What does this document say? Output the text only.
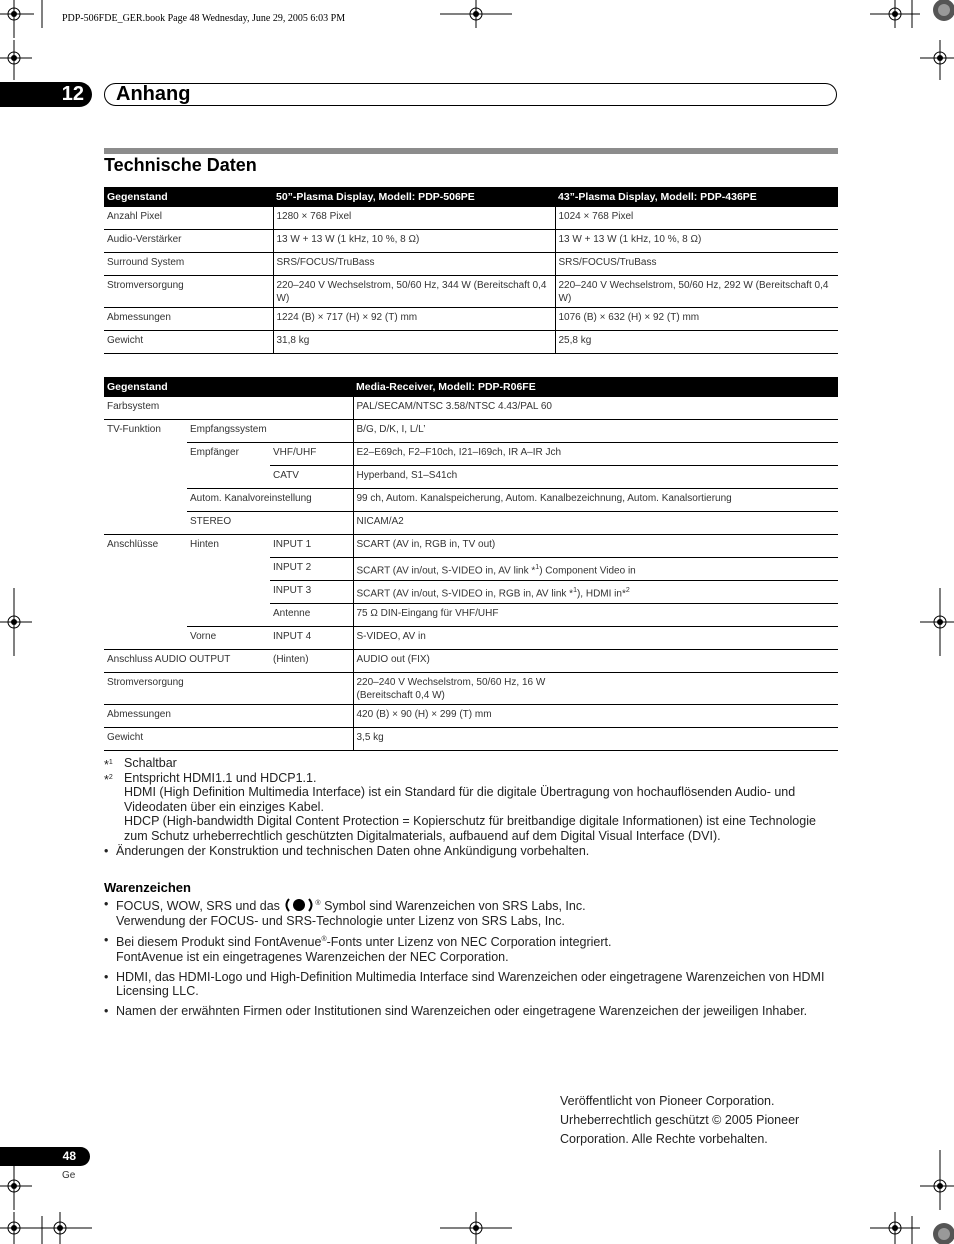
PDP-506FDE_GER.book Page 48 Wednesday, June 29, 2005 6:03 PM
12	Anhang
Technische Daten
Gegenstand	50”-Plasma Display, Modell: PDP-506PE	43”-Plasma Display, Modell: PDP-436PE
Anzahl Pixel	1280 × 768 Pixel	1024 × 768 Pixel
Audio-Verstärker	13 W + 13 W (1 kHz, 10 %, 8 Ω)	13 W + 13 W (1 kHz, 10 %, 8 Ω)
Surround System	SRS/FOCUS/TruBass	SRS/FOCUS/TruBass
Stromversorgung	220–240 V Wechselstrom, 50/60 Hz, 344 W (Bereitschaft 0,4 W)	220–240 V Wechselstrom, 50/60 Hz, 292 W (Bereitschaft 0,4 W)
Abmessungen	1224 (B) × 717 (H) × 92 (T) mm	1076 (B) × 632 (H) × 92 (T) mm
Gewicht	31,8 kg	25,8 kg
Gegenstand			Media-Receiver, Modell: PDP-R06FE
Farbsystem			PAL/SECAM/NTSC 3.58/NTSC 4.43/PAL 60
TV-Funktion	Empfangssystem		B/G, D/K, I, L/L’
	Empfänger	VHF/UHF	E2–E69ch, F2–F10ch, I21–I69ch, IR A–IR Jch
		CATV	Hyperband, S1–S41ch
	Autom. Kanalvoreinstellung		99 ch, Autom. Kanalspeicherung, Autom. Kanalbezeichnung, Autom. Kanalsortierung
	STEREO		NICAM/A2
Anschlüsse	Hinten	INPUT 1	SCART (AV in, RGB in, TV out)
		INPUT 2	SCART (AV in/out, S-VIDEO in, AV link *$^1$) Component Video in
		INPUT 3	SCART (AV in/out, S-VIDEO in, RGB in, AV link *$^1$), HDMI in*$^2$
		Antenne	75 Ω DIN-Eingang für VHF/UHF
	Vorne	INPUT 4	S-VIDEO, AV in
Anschluss AUDIO OUTPUT		(Hinten)	AUDIO out (FIX)
Stromversorgung			220–240 V Wechselstrom, 50/60 Hz, 16 W
(Bereitschaft 0,4 W)

Abmessungen			420 (B) × 90 (H) × 299 (T) mm
Gewicht			3,5 kg
*$^1$ Schaltbar
*$^2$ Entspricht HDMI1.1 und HDCP1.1.
HDMI (High Definition Multimedia Interface) ist ein Standard für die digitale Übertragung von hochauflösenden Audio- und Videodaten über ein einziges Kabel.
HDCP (High-bandwidth Digital Content Protection = Kopierschutz für breitbandige digitale Informationen) ist eine Technologie zum Schutz urheberrechtlich geschützten Digitalmaterials, aufbauend auf dem Digital Visual Interface (DVI).
• Änderungen der Konstruktion und technischen Daten ohne Ankündigung vorbehalten.
Warenzeichen
• FOCUS, WOW, SRS und das	® Symbol sind Warenzeichen von SRS Labs, Inc.
Verwendung der FOCUS- und SRS-Technologie unter Lizenz von SRS Labs, Inc.
• Bei diesem Produkt sind FontAvenue®-Fonts unter Lizenz von NEC Corporation integriert.
FontAvenue ist ein eingetragenes Warenzeichen der NEC Corporation.
• HDMI, das HDMI-Logo und High-Definition Multimedia Interface sind Warenzeichen oder eingetragene Warenzeichen von HDMI Licensing LLC.
• Namen der erwähnten Firmen oder Institutionen sind Warenzeichen oder eingetragene Warenzeichen der jeweiligen Inhaber.
Veröffentlicht von Pioneer Corporation.
Urheberrechtlich geschützt © 2005 Pioneer
Corporation. Alle Rechte vorbehalten.
48
Ge
